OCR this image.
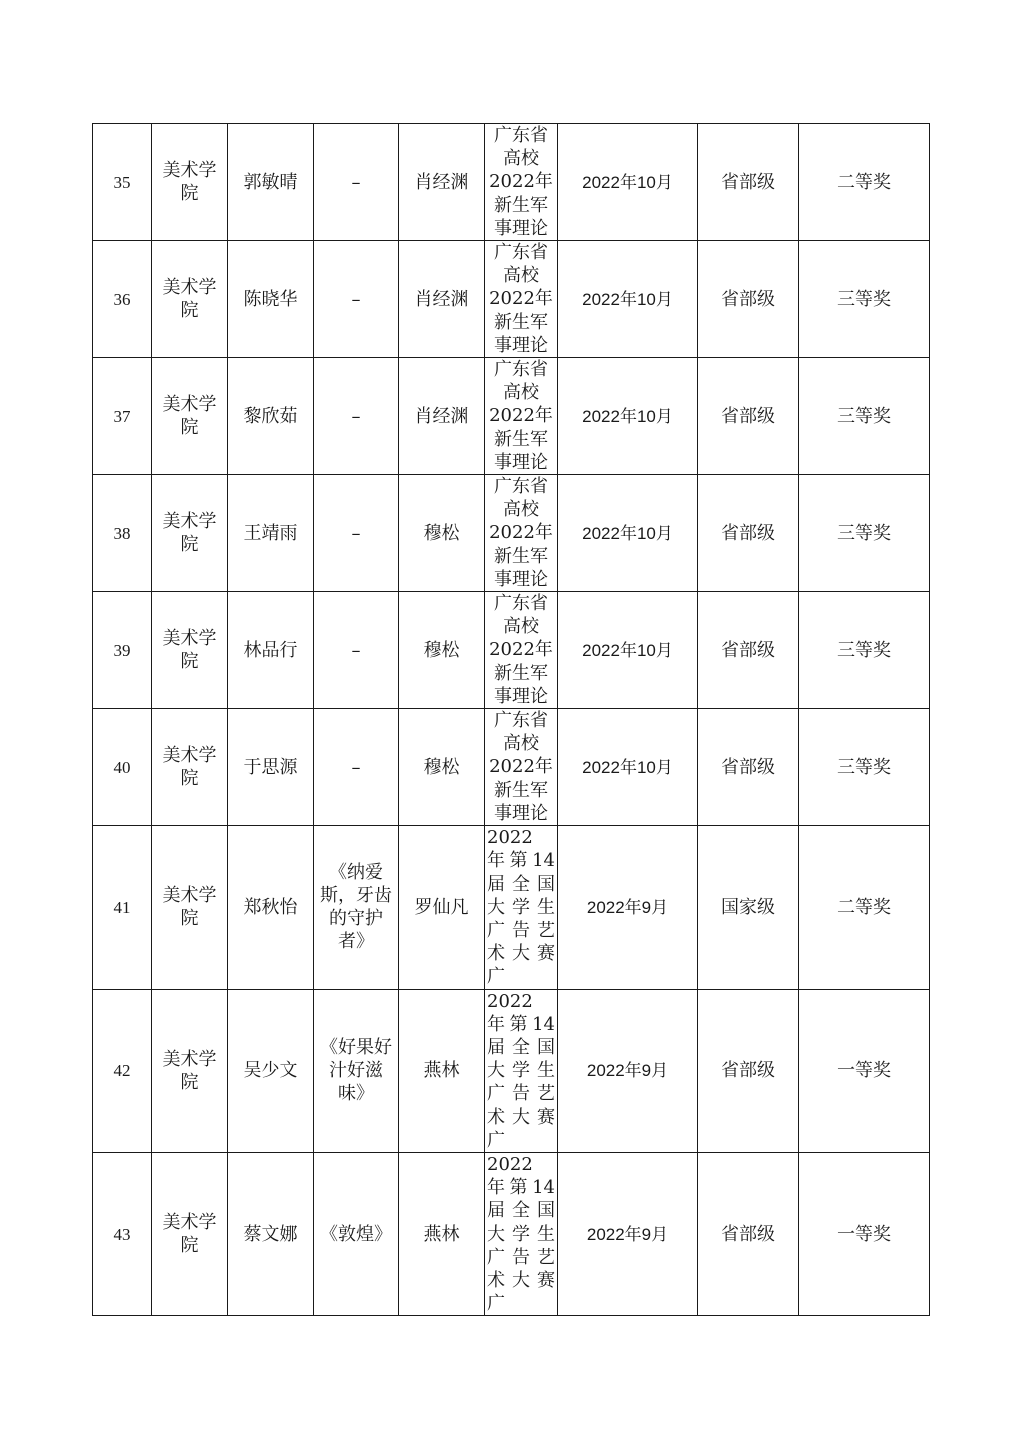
35	美术学院	郭敏晴	–	肖经渊	广东省高校2022年新生军事理论	2022年10月	省部级	二等奖
36	美术学院	陈晓华	–	肖经渊	广东省高校2022年新生军事理论	2022年10月	省部级	三等奖
37	美术学院	黎欣茹	–	肖经渊	广东省高校2022年新生军事理论	2022年10月	省部级	三等奖
38	美术学院	王靖雨	–	穆松	广东省高校2022年新生军事理论	2022年10月	省部级	三等奖
39	美术学院	林品行	–	穆松	广东省高校2022年新生军事理论	2022年10月	省部级	三等奖
40	美术学院	于思源	–	穆松	广东省高校2022年新生军事理论	2022年10月	省部级	三等奖
41	美术学院	郑秋怡	《纳爱斯，牙齿的守护者》	罗仙凡	2022 年第14届全国大学生广告艺术大赛广	2022年9月	国家级	二等奖
42	美术学院	吴少文	《好果好汁好滋味》	燕林	2022 年第14届全国大学生广告艺术大赛广	2022年9月	省部级	一等奖
43	美术学院	蔡文娜	《敦煌》	燕林	2022 年第14届全国大学生广告艺术大赛广	2022年9月	省部级	一等奖
